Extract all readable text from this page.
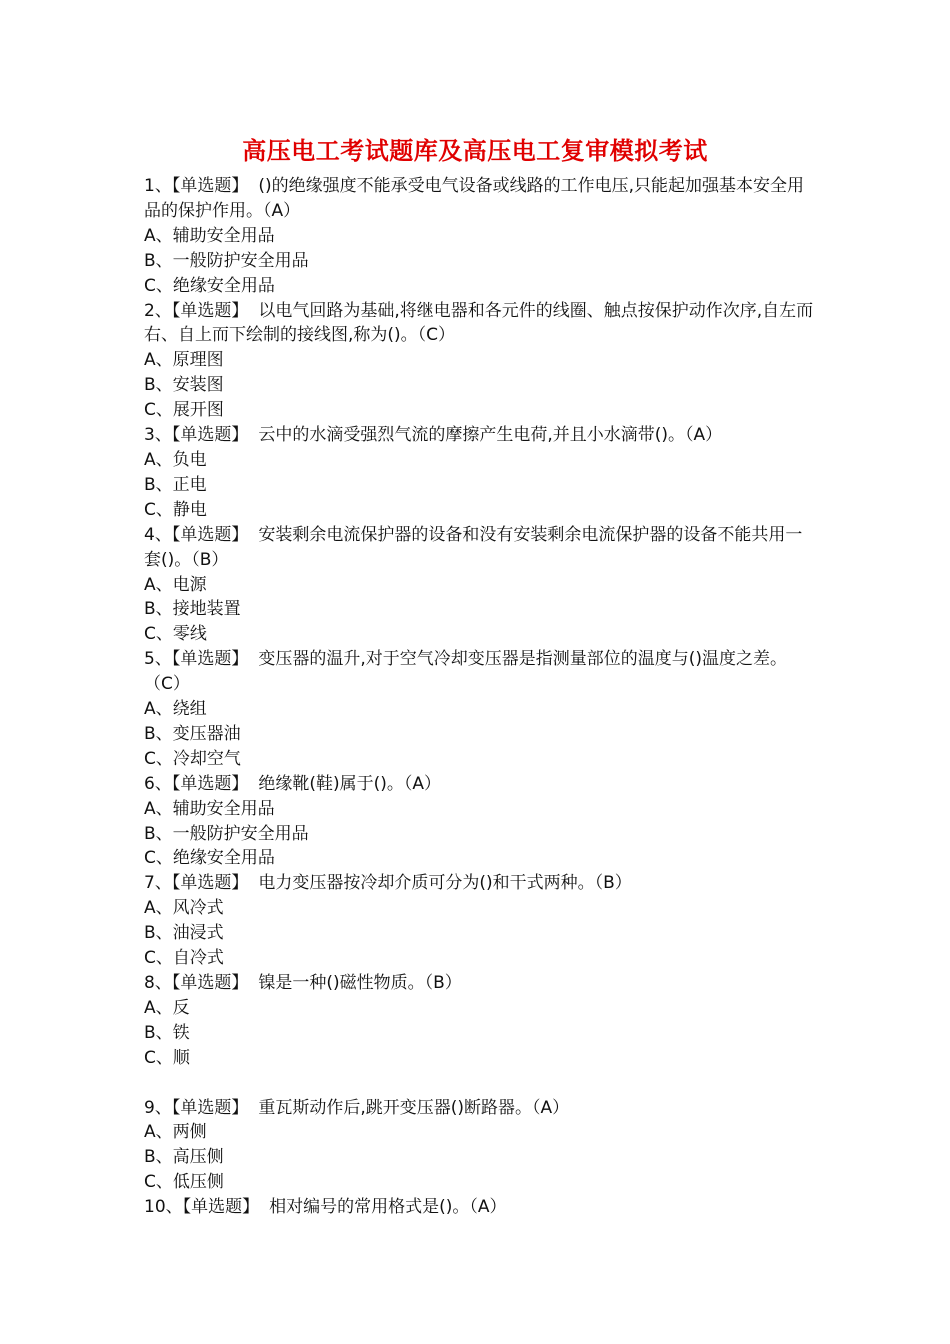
高压电工考试题库及高压电工复审模拟考试

1、【单选题】 ()的绝缘强度不能承受电气设备或线路的工作电压,只能起加强基本安全用品的保护作用。（A）

A、辅助安全用品

B、一般防护安全用品

C、绝缘安全用品

2、【单选题】 以电气回路为基础,将继电器和各元件的线圈、触点按保护动作次序,自左而右、自上而下绘制的接线图,称为()。（C）

A、原理图

B、安装图

C、展开图

3、【单选题】 云中的水滴受强烈气流的摩擦产生电荷,并且小水滴带()。（A）

A、负电

B、正电

C、静电

4、【单选题】 安装剩余电流保护器的设备和没有安装剩余电流保护器的设备不能共用一套()。（B）

A、电源

B、接地装置

C、零线

5、【单选题】 变压器的温升,对于空气冷却变压器是指测量部位的温度与()温度之差。（C）

A、绕组

B、变压器油

C、冷却空气

6、【单选题】 绝缘靴(鞋)属于()。（A）

A、辅助安全用品

B、一般防护安全用品

C、绝缘安全用品

7、【单选题】 电力变压器按冷却介质可分为()和干式两种。（B）

A、风冷式

B、油浸式

C、自冷式

8、【单选题】 镍是一种()磁性物质。（B）

A、反

B、铁

C、顺

9、【单选题】 重瓦斯动作后,跳开变压器()断路器。（A）

A、两侧

B、高压侧

C、低压侧

10、【单选题】 相对编号的常用格式是()。（A）
